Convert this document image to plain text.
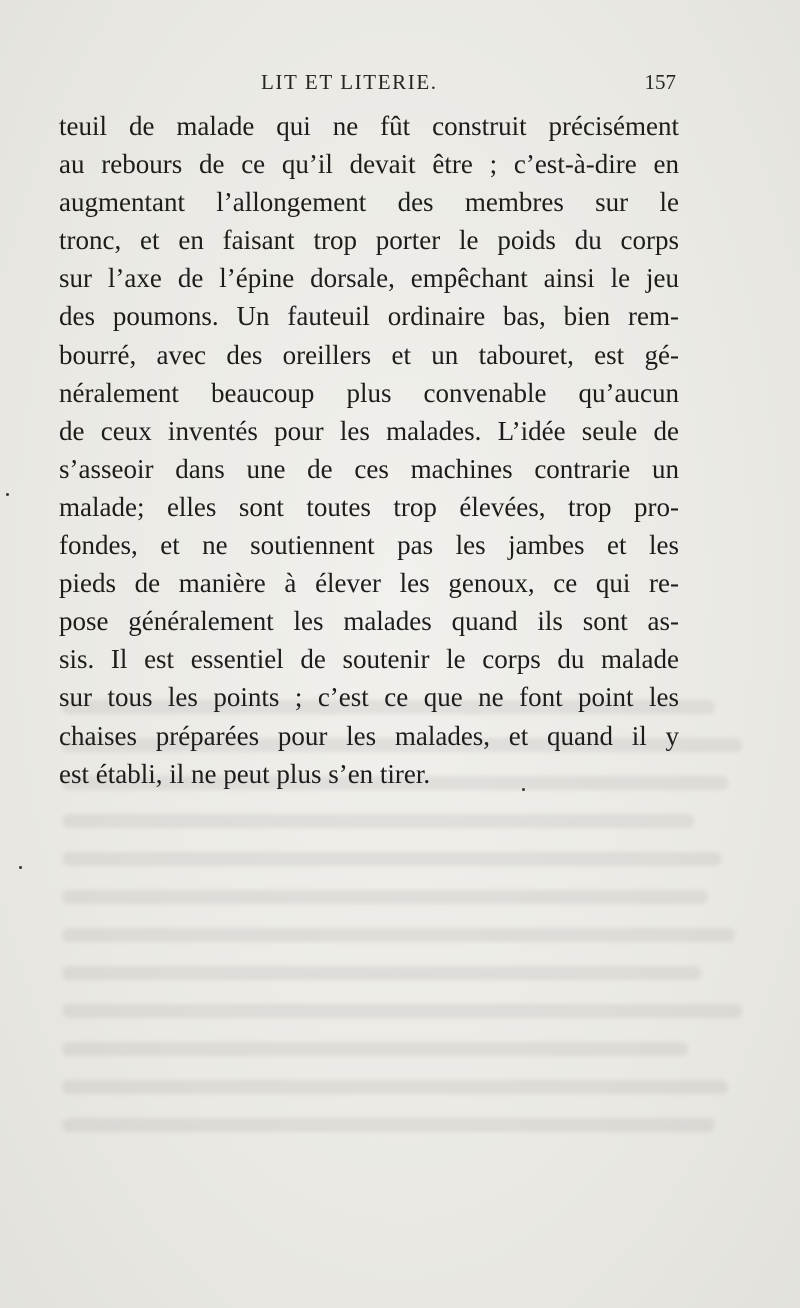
LIT ET LITERIE.	157
teuil de malade qui ne fût construit précisément
au rebours de ce qu’il devait être ; c’est-à-dire en
augmentant l’allongement des membres sur le
tronc, et en faisant trop porter le poids du corps
sur l’axe de l’épine dorsale, empêchant ainsi le jeu
des poumons. Un fauteuil ordinaire bas, bien rem-
bourré, avec des oreillers et un tabouret, est gé-
néralement beaucoup plus convenable qu’aucun
de ceux inventés pour les malades. L’idée seule de
s’asseoir dans une de ces machines contrarie un
malade; elles sont toutes trop élevées, trop pro-
fondes, et ne soutiennent pas les jambes et les
pieds de manière à élever les genoux, ce qui re-
pose généralement les malades quand ils sont as-
sis. Il est essentiel de soutenir le corps du malade
sur tous les points ; c’est ce que ne font point les
chaises préparées pour les malades, et quand il y
est établi, il ne peut plus s’en tirer.
